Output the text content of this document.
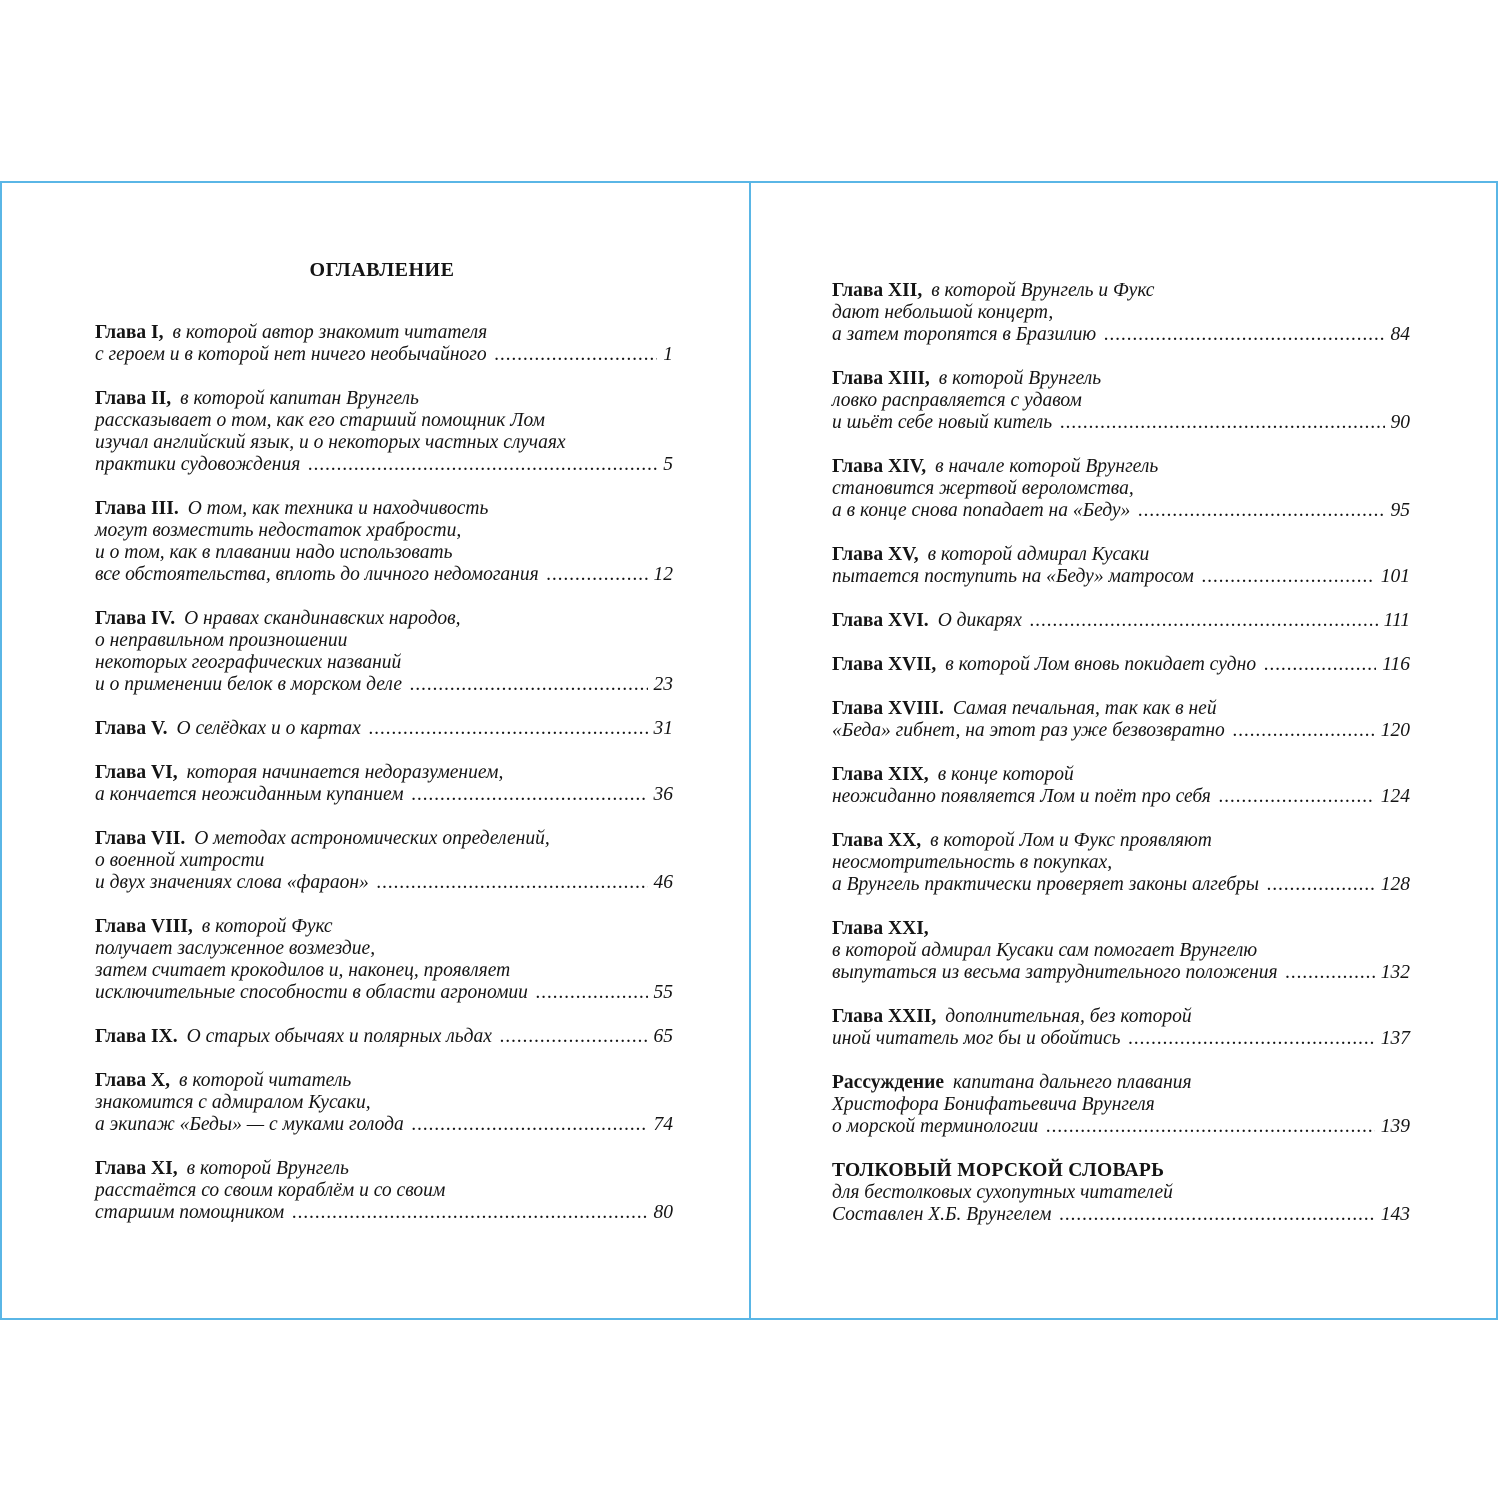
ОГЛАВЛЕНИЕ
Глава I, в которой автор знакомит читателя
с героем и в которой нет ничего необычайного . . .	1
Глава II, в которой капитан Врунгель
рассказывает о том, как его старший помощник Лом
изучал английский язык, и о некоторых частных случаях
практики судовождения . . .	5
Глава III. О том, как техника и находчивость
могут возместить недостаток храбрости,
и о том, как в плавании надо использовать
все обстоятельства, вплоть до личного недомогания . . .	12
Глава IV. О нравах скандинавских народов,
о неправильном произношении
некоторых географических названий
и о применении белок в морском деле . . .	23
Глава V. О селёдках и о картах . . .	31
Глава VI, которая начинается недоразумением,
а кончается неожиданным купанием . . .	36
Глава VII. О методах астрономических определений,
о военной хитрости
и двух значениях слова «фараон» . . .	46
Глава VIII, в которой Фукс
получает заслуженное возмездие,
затем считает крокодилов и, наконец, проявляет
исключительные способности в области агрономии . . .	55
Глава IX. О старых обычаях и полярных льдах . . .	65
Глава X, в которой читатель
знакомится с адмиралом Кусаки,
а экипаж «Беды» — с муками голода . . .	74
Глава XI, в которой Врунгель
расстаётся со своим кораблём и со своим
старшим помощником . . .	80
Глава XII, в которой Врунгель и Фукс
дают небольшой концерт,
а затем торопятся в Бразилию . . .	84
Глава XIII, в которой Врунгель
ловко расправляется с удавом
и шьёт себе новый китель . . .	90
Глава XIV, в начале которой Врунгель
становится жертвой вероломства,
а в конце снова попадает на «Беду» . . .	95
Глава XV, в которой адмирал Кусаки
пытается поступить на «Беду» матросом . . .	101
Глава XVI. О дикарях . . .	111
Глава XVII, в которой Лом вновь покидает судно . . .	116
Глава XVIII. Самая печальная, так как в ней
«Беда» гибнет, на этот раз уже безвозвратно . . .	120
Глава XIX, в конце которой
неожиданно появляется Лом и поёт про себя . . .	124
Глава XX, в которой Лом и Фукс проявляют
неосмотрительность в покупках,
а Врунгель практически проверяет законы алгебры . . .	128
Глава XXI,
в которой адмирал Кусаки сам помогает Врунгелю
выпутаться из весьма затруднительного положения . . .	132
Глава XXII, дополнительная, без которой
иной читатель мог бы и обойтись . . .	137
Рассуждение капитана дальнего плавания
Христофора Бонифатьевича Врунгеля
о морской терминологии . . .	139
ТОЛКОВЫЙ МОРСКОЙ СЛОВАРЬ
для бестолковых сухопутных читателей
Составлен Х.Б. Врунгелем . . .	143
